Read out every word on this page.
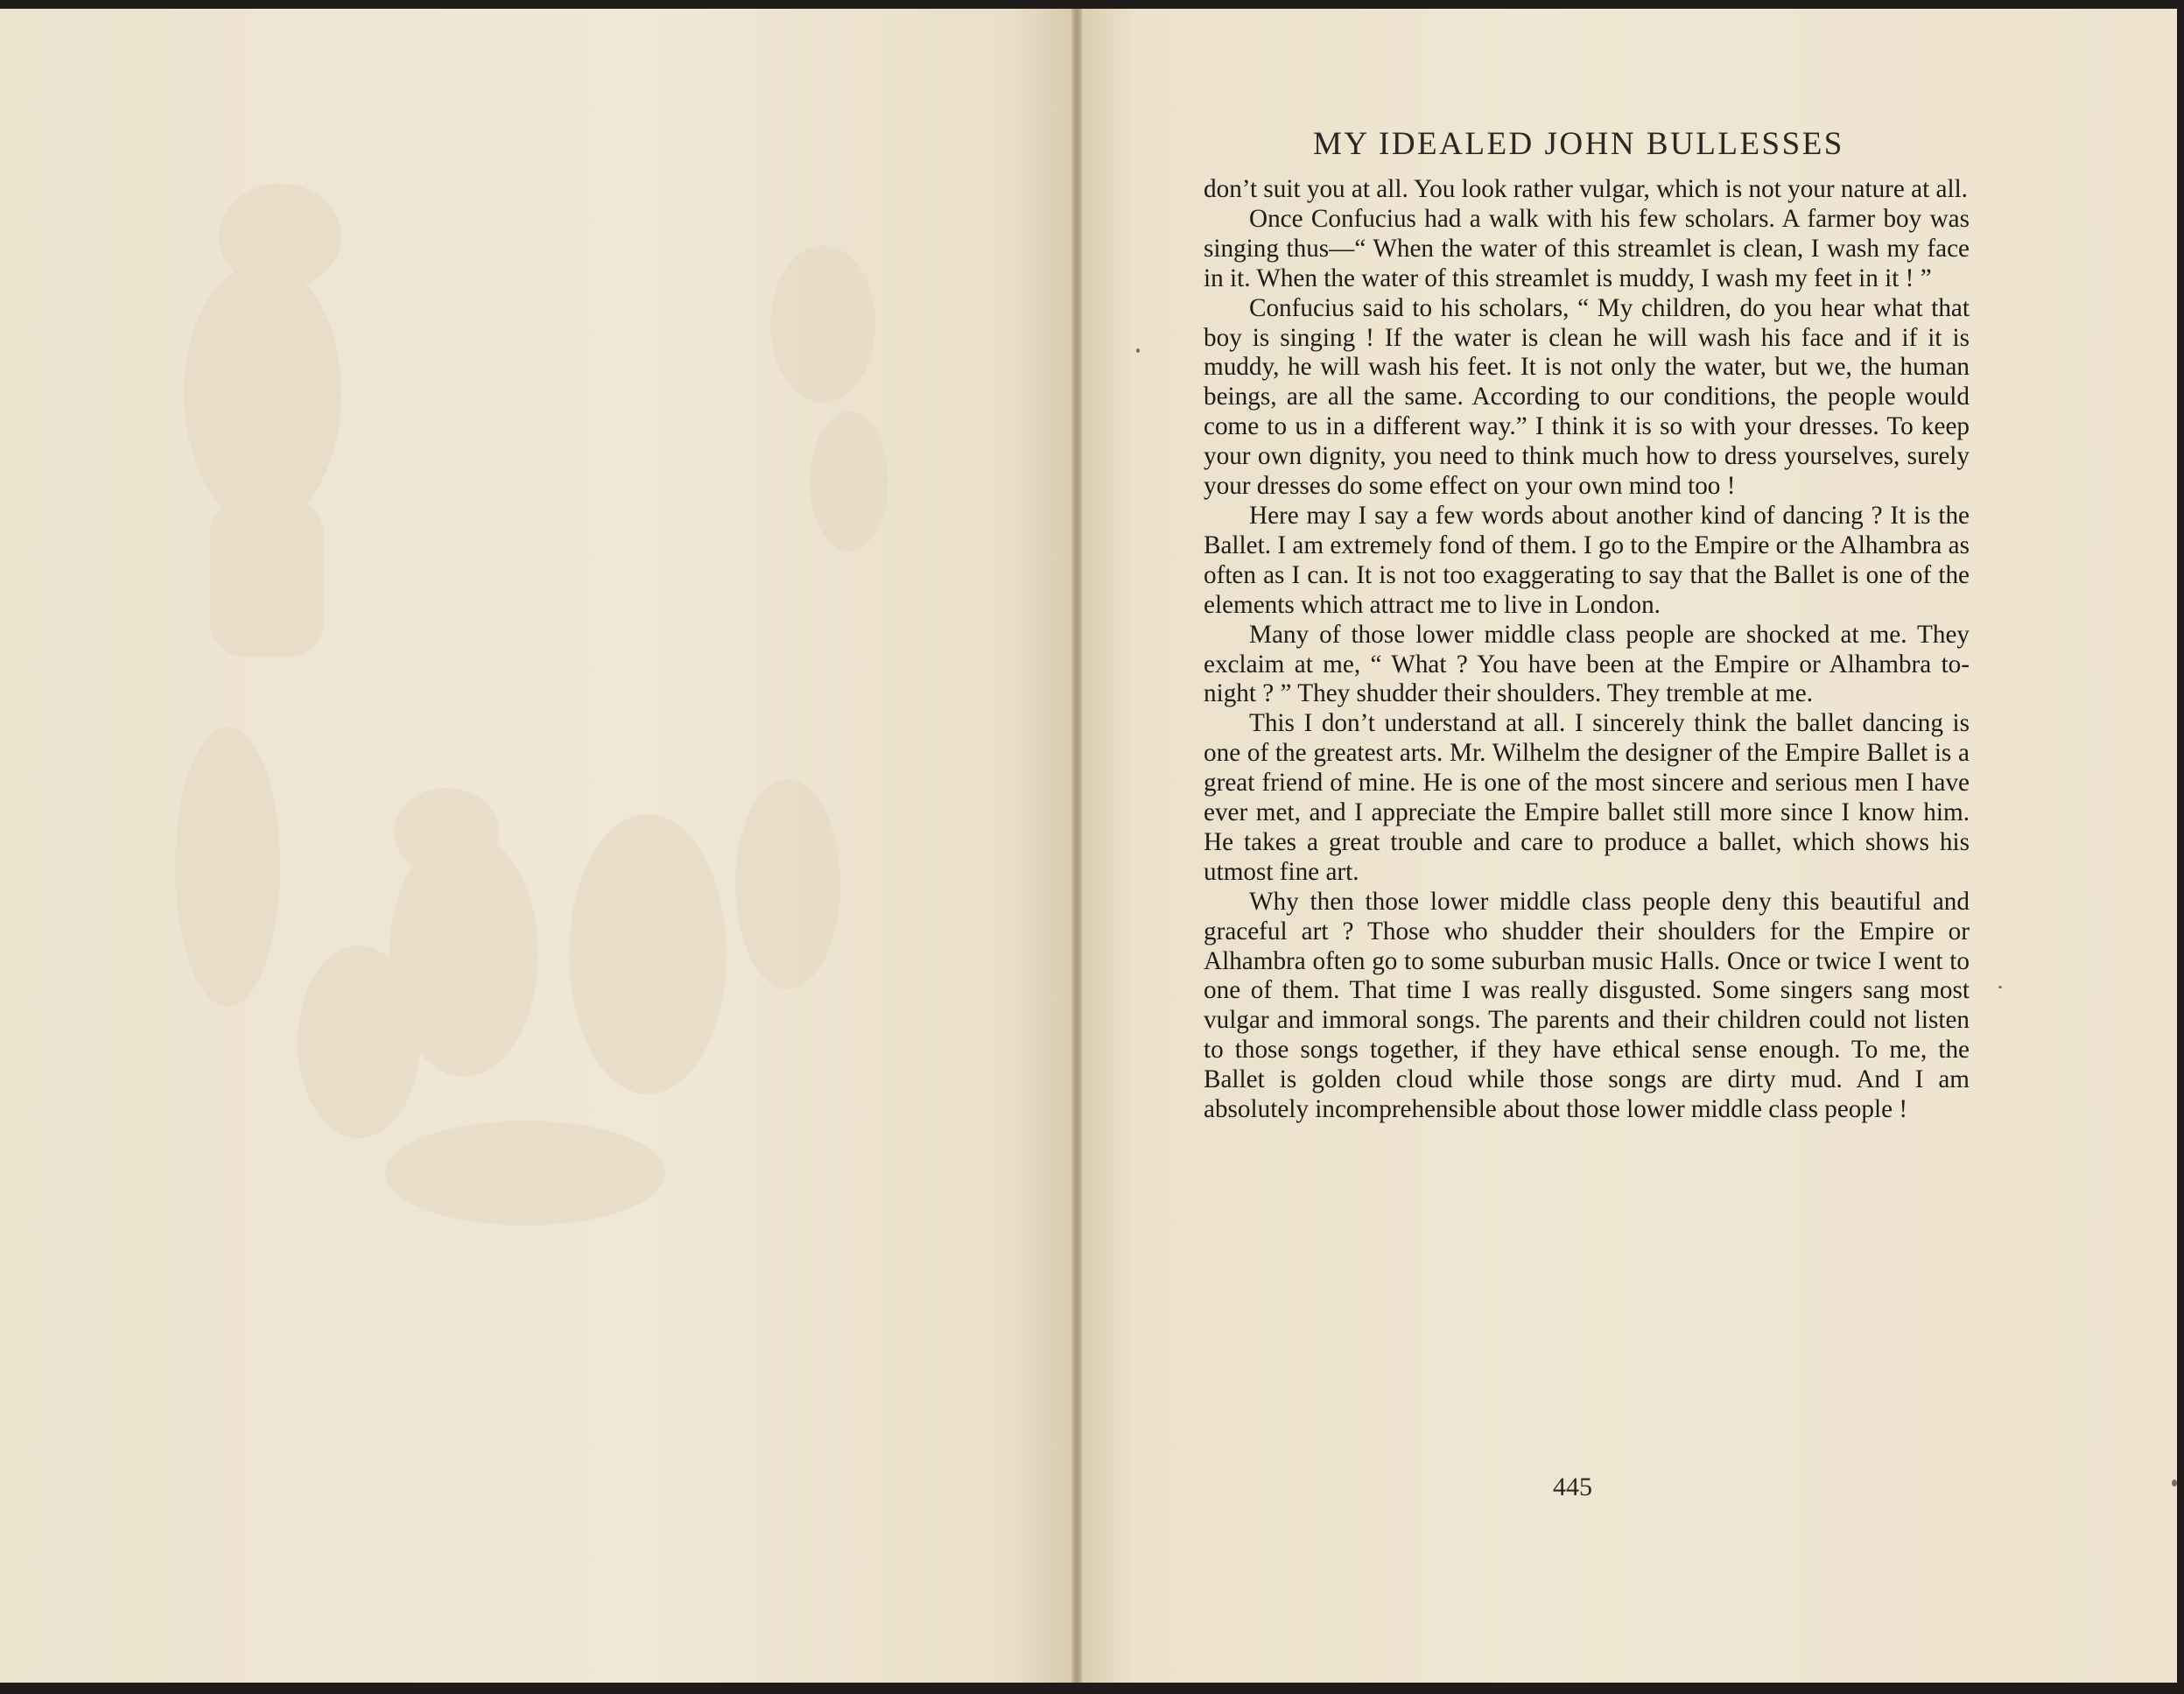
MY IDEALED JOHN BULLESSES

don’t suit you at all. You look rather vulgar, which is not your nature at all.

Once Confucius had a walk with his few scholars. A farmer boy was singing thus—“ When the water of this streamlet is clean, I wash my face in it. When the water of this streamlet is muddy, I wash my feet in it ! ”

Confucius said to his scholars, “ My children, do you hear what that boy is singing ! If the water is clean he will wash his face and if it is muddy, he will wash his feet. It is not only the water, but we, the human beings, are all the same. According to our conditions, the people would come to us in a different way.” I think it is so with your dresses. To keep your own dignity, you need to think much how to dress yourselves, surely your dresses do some effect on your own mind too !

Here may I say a few words about another kind of dancing ? It is the Ballet. I am extremely fond of them. I go to the Empire or the Alhambra as often as I can. It is not too exaggerating to say that the Ballet is one of the elements which attract me to live in London.

Many of those lower middle class people are shocked at me. They exclaim at me, “ What ? You have been at the Empire or Alhambra to-night ? ” They shudder their shoulders. They tremble at me.

This I don’t understand at all. I sincerely think the ballet dancing is one of the greatest arts. Mr. Wilhelm the designer of the Empire Ballet is a great friend of mine. He is one of the most sincere and serious men I have ever met, and I appreciate the Empire ballet still more since I know him. He takes a great trouble and care to produce a ballet, which shows his utmost fine art.

Why then those lower middle class people deny this beautiful and graceful art ? Those who shudder their shoulders for the Empire or Alhambra often go to some suburban music Halls. Once or twice I went to one of them. That time I was really disgusted. Some singers sang most vulgar and immoral songs. The parents and their children could not listen to those songs together, if they have ethical sense enough. To me, the Ballet is golden cloud while those songs are dirty mud. And I am absolutely incomprehensible about those lower middle class people !

445
